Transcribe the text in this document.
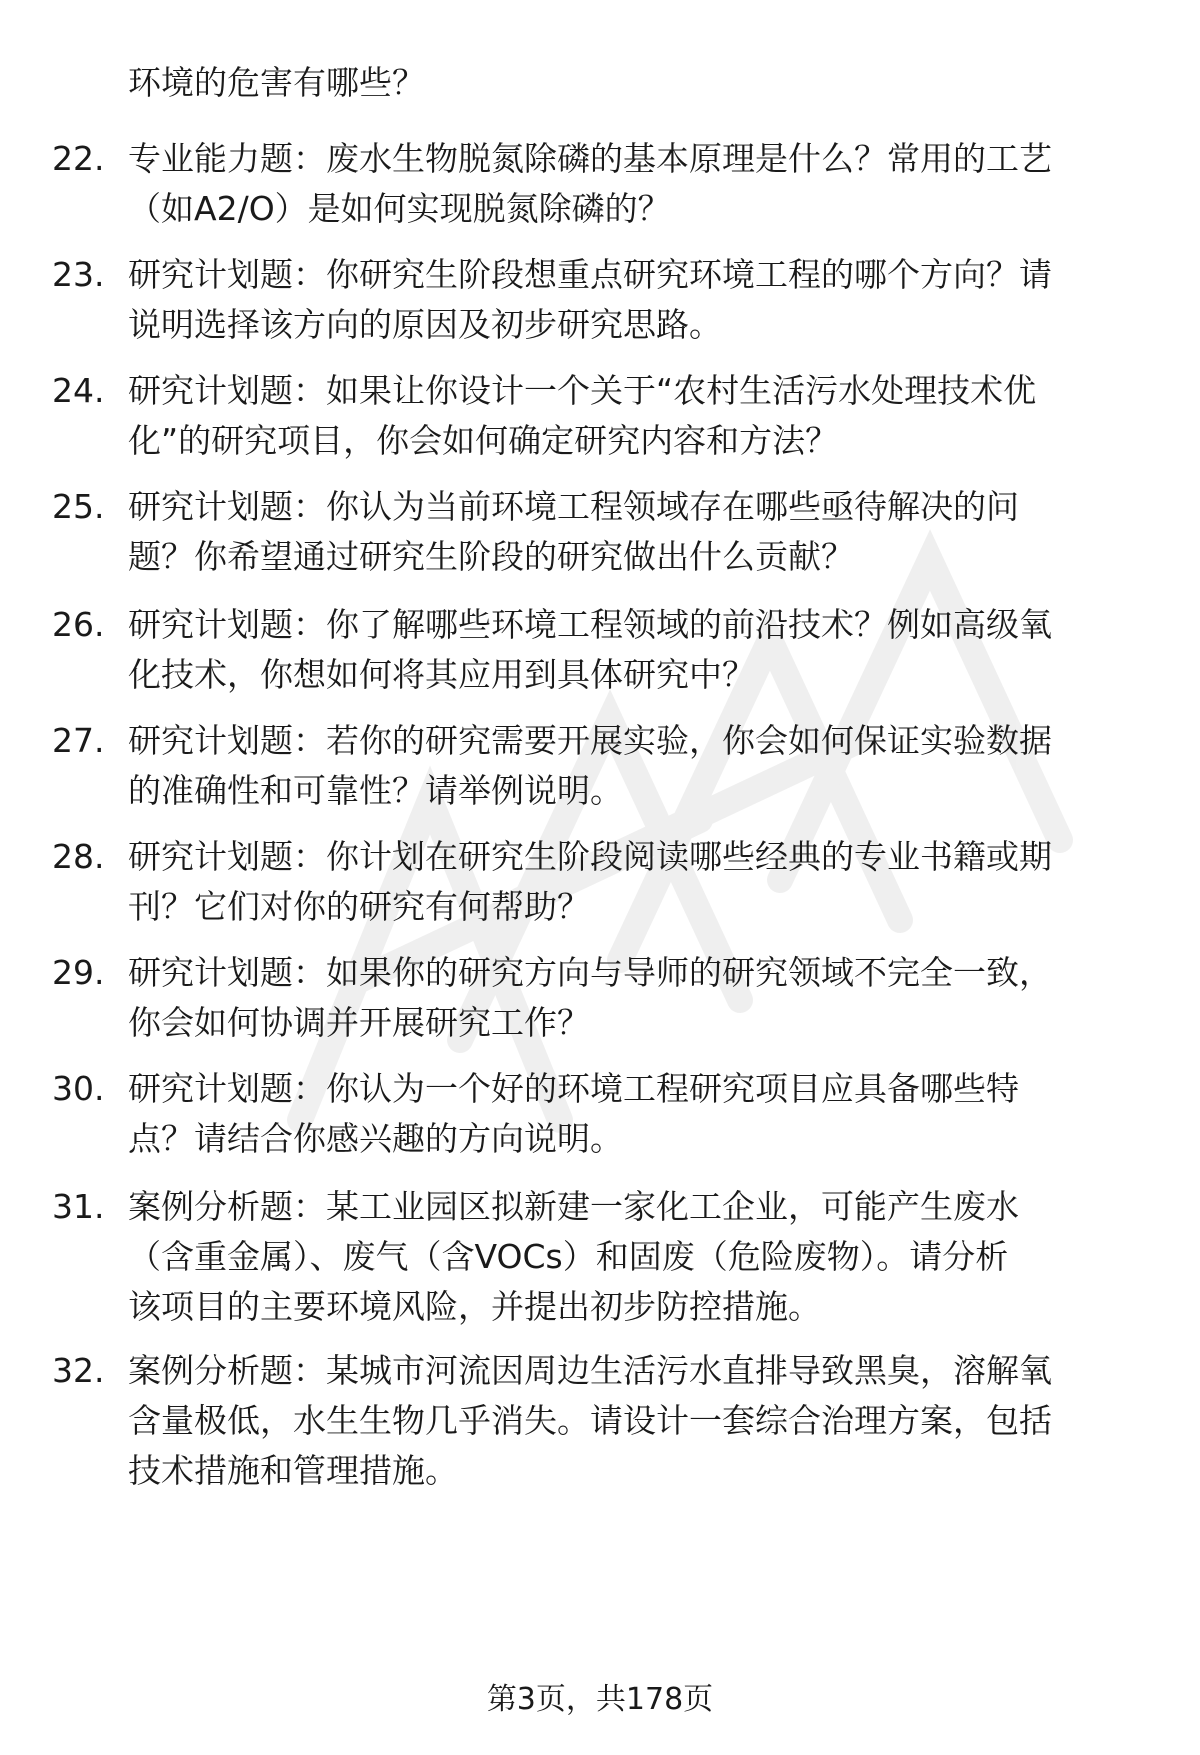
环境的危害有哪些？
22. 专业能力题：废水生物脱氮除磷的基本原理是什么？常用的工艺
（如A2/O）是如何实现脱氮除磷的？
23. 研究计划题：你研究生阶段想重点研究环境工程的哪个方向？请
说明选择该方向的原因及初步研究思路。
24. 研究计划题：如果让你设计一个关于“农村生活污水处理技术优
化”的研究项目，你会如何确定研究内容和方法？
25. 研究计划题：你认为当前环境工程领域存在哪些亟待解决的问
题？你希望通过研究生阶段的研究做出什么贡献？
26. 研究计划题：你了解哪些环境工程领域的前沿技术？例如高级氧
化技术，你想如何将其应用到具体研究中？
27. 研究计划题：若你的研究需要开展实验，你会如何保证实验数据
的准确性和可靠性？请举例说明。
28. 研究计划题：你计划在研究生阶段阅读哪些经典的专业书籍或期
刊？它们对你的研究有何帮助？
29. 研究计划题：如果你的研究方向与导师的研究领域不完全一致，
你会如何协调并开展研究工作？
30. 研究计划题：你认为一个好的环境工程研究项目应具备哪些特
点？请结合你感兴趣的方向说明。
31. 案例分析题：某工业园区拟新建一家化工企业，可能产生废水
（含重金属）、废气（含VOCs）和固废（危险废物）。请分析
该项目的主要环境风险，并提出初步防控措施。
32. 案例分析题：某城市河流因周边生活污水直排导致黑臭，溶解氧
含量极低，水生生物几乎消失。请设计一套综合治理方案，包括
技术措施和管理措施。
第3页，共178页
